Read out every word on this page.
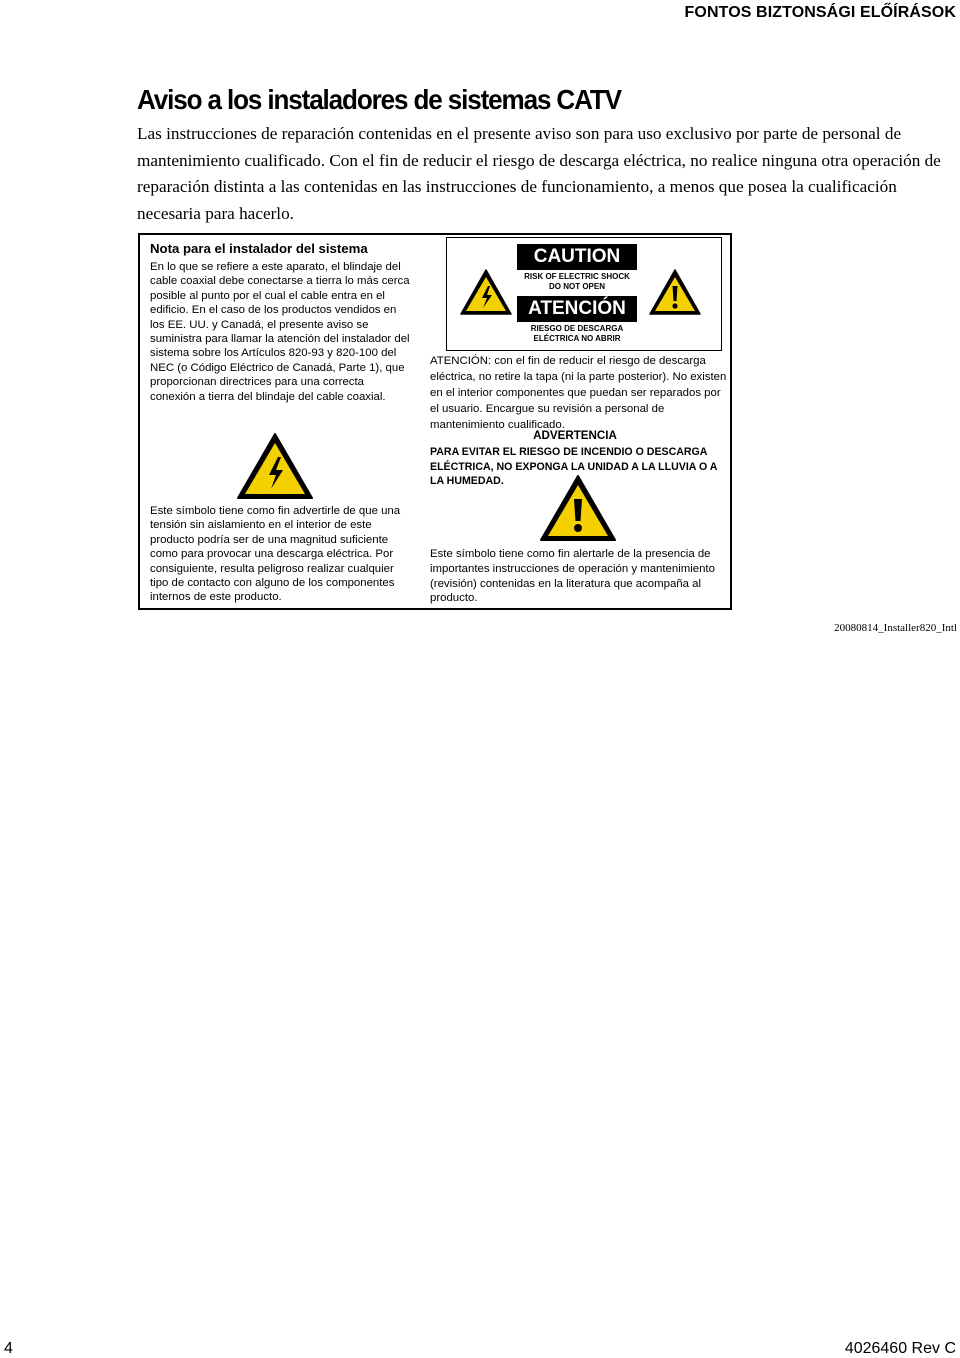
FONTOS BIZTONSÁGI ELŐÍRÁSOK
Aviso a los instaladores de sistemas CATV

Las instrucciones de reparación contenidas en el presente aviso son para uso exclusivo por parte de personal de mantenimiento cualificado. Con el fin de reducir el riesgo de descarga eléctrica, no realice ninguna otra operación de reparación distinta a las contenidas en las instrucciones de funcionamiento, a menos que posea la cualificación necesaria para hacerlo.

Nota para el instalador del sistema

En lo que se refiere a este aparato, el blindaje del cable coaxial debe conectarse a tierra lo más cerca posible al punto por el cual el cable entra en el edificio. En el caso de los productos vendidos en los EE. UU. y Canadá, el presente aviso se suministra para llamar la atención del instalador del sistema sobre los Artículos 820-93 y 820-100 del NEC (o Código Eléctrico de Canadá, Parte 1), que proporcionan directrices para una correcta conexión a tierra del blindaje del cable coaxial.

Este símbolo tiene como fin advertirle de que una tensión sin aislamiento en el interior de este producto podría ser de una magnitud suficiente como para provocar una descarga eléctrica. Por consiguiente, resulta peligroso realizar cualquier tipo de contacto con alguno de los componentes internos de este producto.

CAUTION
RISK OF ELECTRIC SHOCK
DO NOT OPEN
ATENCIÓN
RIESGO DE DESCARGA
ELÉCTRICA NO ABRIR

ATENCIÓN: con el fin de reducir el riesgo de descarga eléctrica, no retire la tapa (ni la parte posterior). No existen en el interior componentes que puedan ser reparados por el usuario. Encargue su revisión a personal de mantenimiento cualificado.

ADVERTENCIA

PARA EVITAR EL RIESGO DE INCENDIO O DESCARGA ELÉCTRICA, NO EXPONGA LA UNIDAD A LA LLUVIA O A LA HUMEDAD.

Este símbolo tiene como fin alertarle de la presencia de importantes instrucciones de operación y mantenimiento (revisión) contenidas en la literatura que acompaña al producto.

20080814_Installer820_Intl
4	4026460 Rev C
